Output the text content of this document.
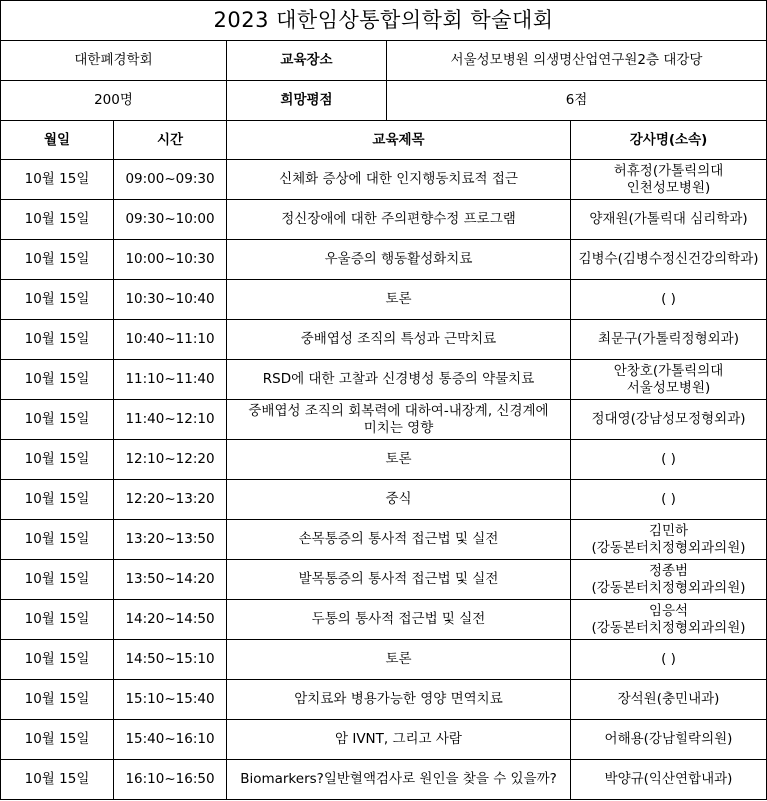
2023 대한임상통합의학회 학술대회				
대한폐경학회		교육장소	서울성모병원 의생명산업연구원2층 대강당	
200명		희망평점	6점	
월일	시간	교육제목		강사명(소속)
10월 15일	09:00~09:30	신체화 증상에 대한 인지행동치료적 접근		허휴정(가톨릭의대 인천성모병원)
10월 15일	09:30~10:00	정신장애에 대한 주의편향수정 프로그램		양재원(가톨릭대 심리학과)
10월 15일	10:00~10:30	우울증의 행동활성화치료		김병수(김병수정신건강의학과)
10월 15일	10:30~10:40	토론		( )
10월 15일	10:40~11:10	중배엽성 조직의 특성과 근막치료		최문구(가톨릭정형외과)
10월 15일	11:10~11:40	RSD에 대한 고찰과 신경병성 통증의 약물치료		안창호(가톨릭의대 서울성모병원)
10월 15일	11:40~12:10	중배엽성 조직의 회복력에 대하여-내장계, 신경계에 미치는 영향		정대영(강남성모정형외과)
10월 15일	12:10~12:20	토론		( )
10월 15일	12:20~13:20	중식		( )
10월 15일	13:20~13:50	손목통증의 통사적 접근법 및 실전		김민하(강동본터치정형외과의원)
10월 15일	13:50~14:20	발목통증의 통사적 접근법 및 실전		정종범(강동본터치정형외과의원)
10월 15일	14:20~14:50	두통의 통사적 접근법 및 실전		임응석(강동본터치정형외과의원)
10월 15일	14:50~15:10	토론		( )
10월 15일	15:10~15:40	암치료와 병용가능한 영양 면역치료		장석원(충민내과)
10월 15일	15:40~16:10	암 IVNT, 그리고 사람		어해용(강남힐락의원)
10월 15일	16:10~16:50	Biomarkers?일반혈액검사로 원인을 찾을 수 있을까?		박양규(익산연합내과)
